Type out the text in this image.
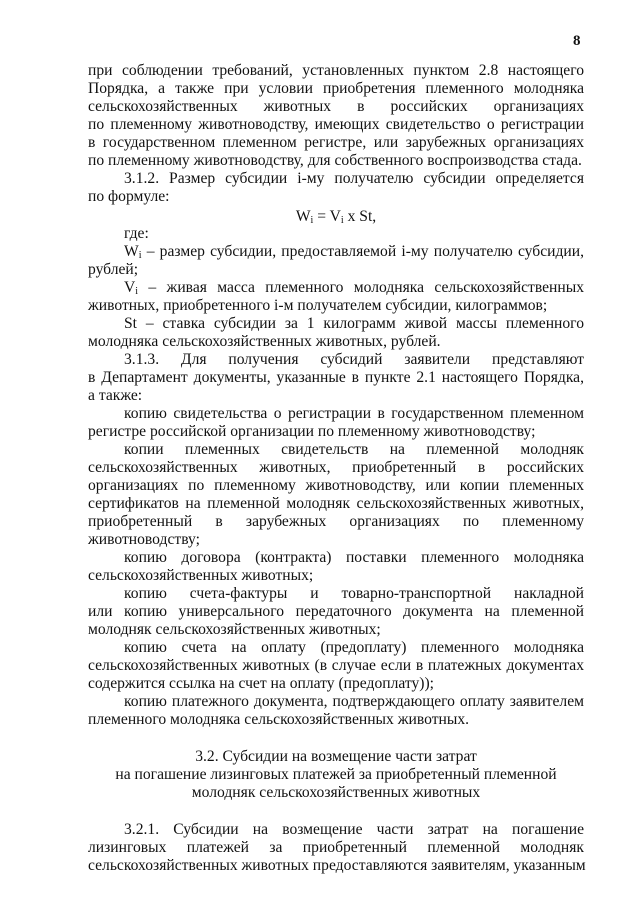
8
при соблюдении требований, установленных пунктом 2.8 настоящего
Порядка, а также при условии приобретения племенного молодняка
сельскохозяйственных животных в российских организациях
по племенному животноводству, имеющих свидетельство о регистрации
в государственном племенном регистре, или зарубежных организациях
по племенному животноводству, для собственного воспроизводства стада.
3.1.2. Размер субсидии i-му получателю субсидии определяется
по формуле:
$W_i = V_i$ x St,
где:
$W_i$ – размер субсидии, предоставляемой i-му получателю субсидии,
рублей;
$V_i$ – живая масса племенного молодняка сельскохозяйственных
животных, приобретенного i-м получателем субсидии, килограммов;
St – ставка субсидии за 1 килограмм живой массы племенного
молодняка сельскохозяйственных животных, рублей.
3.1.3. Для получения субсидий заявители представляют
в Департамент документы, указанные в пункте 2.1 настоящего Порядка,
а также:
копию свидетельства о регистрации в государственном племенном
регистре российской организации по племенному животноводству;
копии племенных свидетельств на племенной молодняк
сельскохозяйственных животных, приобретенный в российских
организациях по племенному животноводству, или копии племенных
сертификатов на племенной молодняк сельскохозяйственных животных,
приобретенный в зарубежных организациях по племенному
животноводству;
копию договора (контракта) поставки племенного молодняка
сельскохозяйственных животных;
копию счета-фактуры и товарно-транспортной накладной
или копию универсального передаточного документа на племенной
молодняк сельскохозяйственных животных;
копию счета на оплату (предоплату) племенного молодняка
сельскохозяйственных животных (в случае если в платежных документах
содержится ссылка на счет на оплату (предоплату));
копию платежного документа, подтверждающего оплату заявителем
племенного молодняка сельскохозяйственных животных.
3.2. Субсидии на возмещение части затрат
на погашение лизинговых платежей за приобретенный племенной
молодняк сельскохозяйственных животных
3.2.1. Субсидии на возмещение части затрат на погашение
лизинговых платежей за приобретенный племенной молодняк
сельскохозяйственных животных предоставляются заявителям, указанным
